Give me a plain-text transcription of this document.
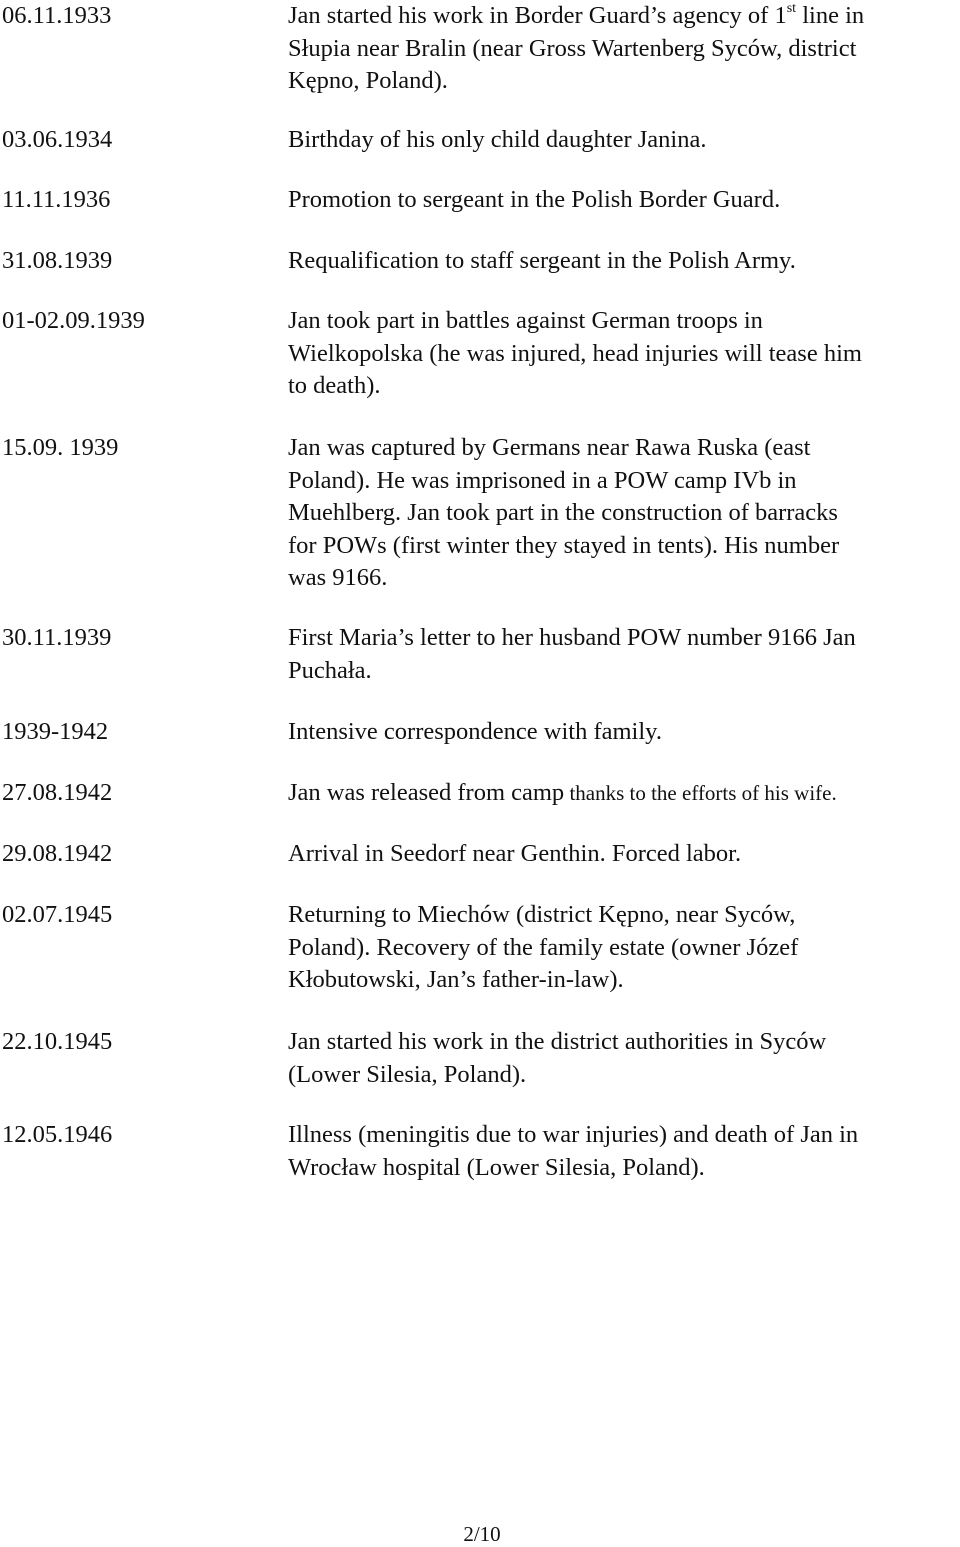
06.11.1933	Jan started his work in Border Guard’s agency of 1st line in
Słupia near Bralin (near Gross Wartenberg Syców, district
Kępno, Poland).
03.06.1934	Birthday of his only child daughter Janina.
11.11.1936	Promotion to sergeant in the Polish Border Guard.
31.08.1939	Requalification to staff sergeant in the Polish Army.
01-02.09.1939	Jan took part in battles against German troops in
Wielkopolska (he was injured, head injuries will tease him
to death).
15.09. 1939	Jan was captured by Germans near Rawa Ruska (east
Poland). He was imprisoned in a POW camp IVb in
Muehlberg. Jan took part in the construction of barracks
for POWs (first winter they stayed in tents). His number
was 9166.
30.11.1939	First Maria’s letter to her husband POW number 9166 Jan
Puchała.
1939-1942	Intensive correspondence with family.
27.08.1942	Jan was released from camp thanks to the efforts of his wife.
29.08.1942	Arrival in Seedorf near Genthin. Forced labor.
02.07.1945	Returning to Miechów (district Kępno, near Syców,
Poland). Recovery of the family estate (owner Józef
Kłobutowski, Jan’s father-in-law).
22.10.1945	Jan started his work in the district authorities in Syców
(Lower Silesia, Poland).
12.05.1946	Illness (meningitis due to war injuries) and death of Jan in
Wrocław hospital (Lower Silesia, Poland).
2/10
